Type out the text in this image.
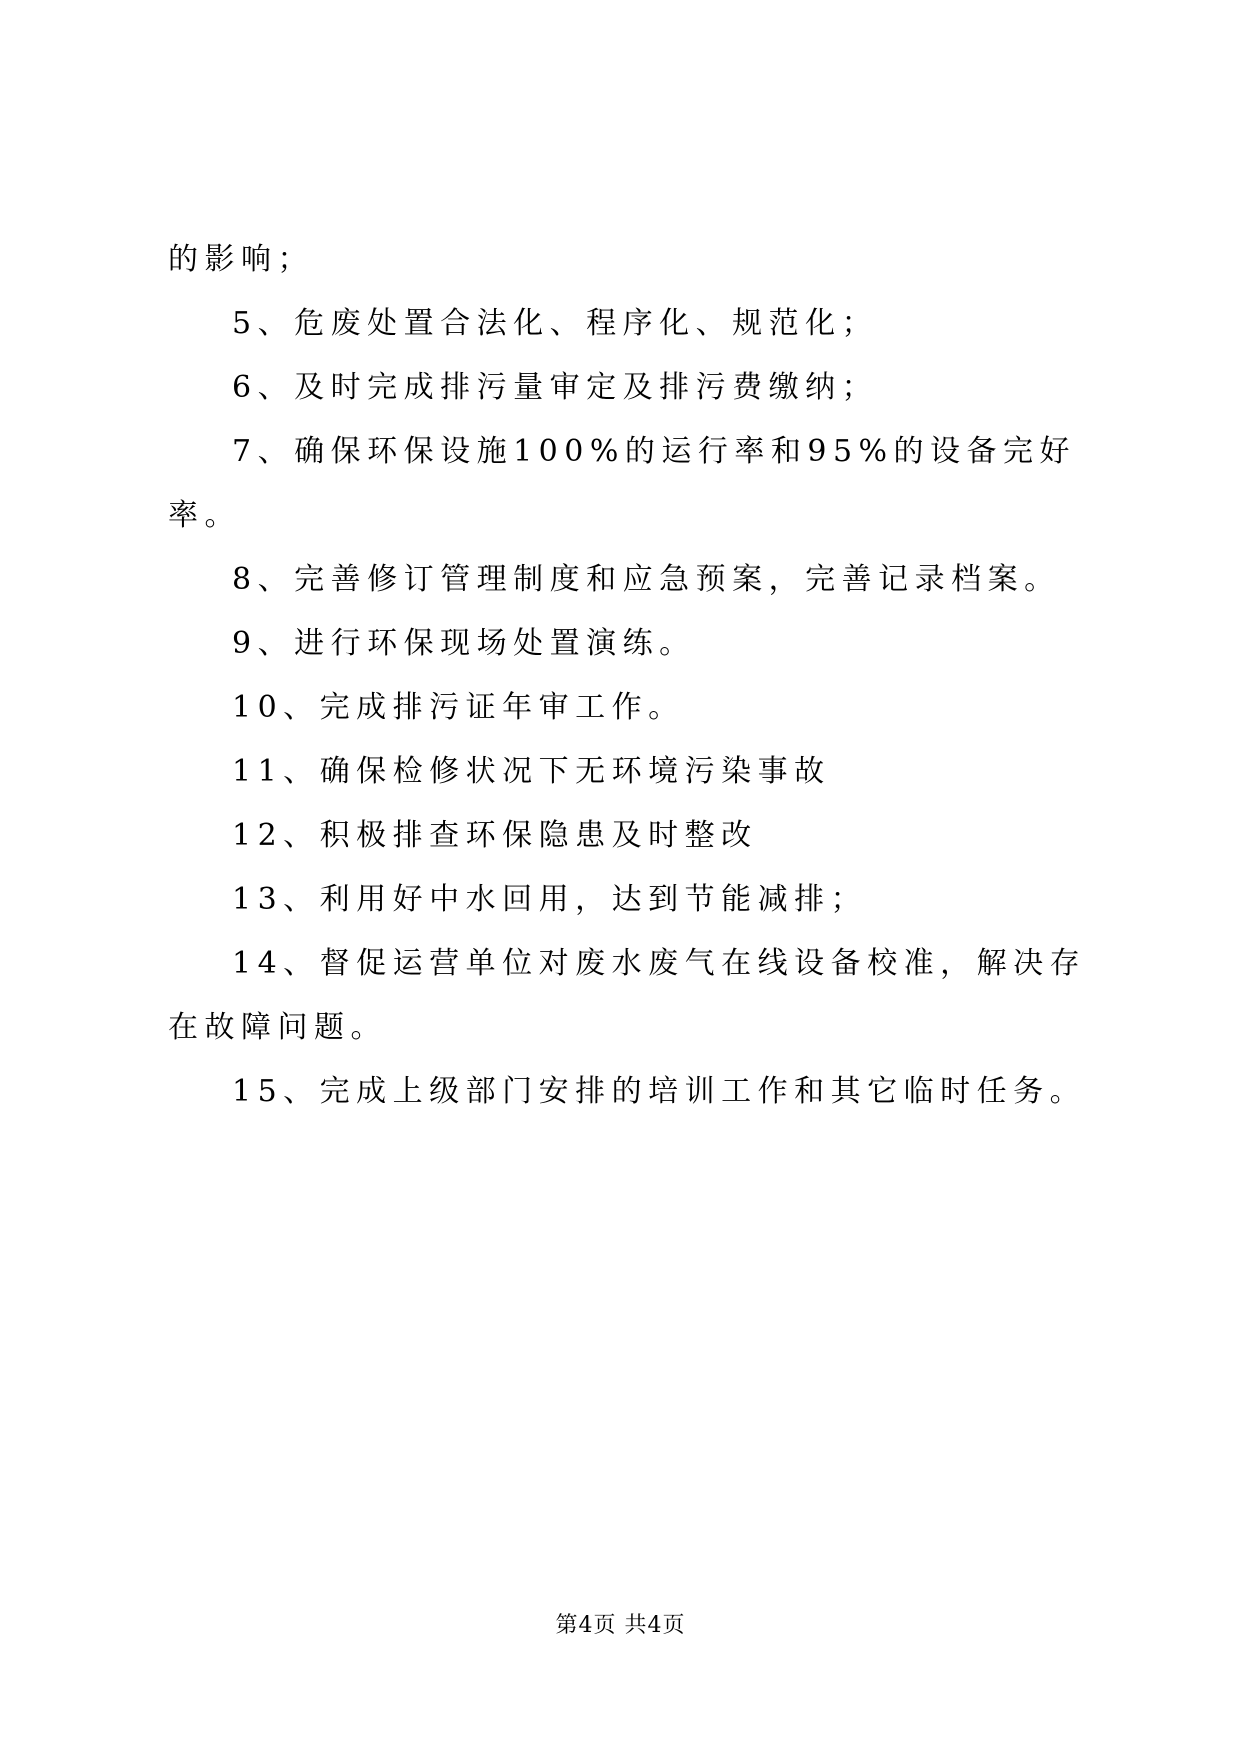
的影响；

5、危废处置合法化、程序化、规范化；

6、及时完成排污量审定及排污费缴纳；

7、确保环保设施100%的运行率和95%的设备完好率。

8、完善修订管理制度和应急预案，完善记录档案。

9、进行环保现场处置演练。

10、完成排污证年审工作。

11、确保检修状况下无环境污染事故

12、积极排查环保隐患及时整改

13、利用好中水回用，达到节能减排；

14、督促运营单位对废水废气在线设备校准，解决存在故障问题。

15、完成上级部门安排的培训工作和其它临时任务。

第4页 共4页
